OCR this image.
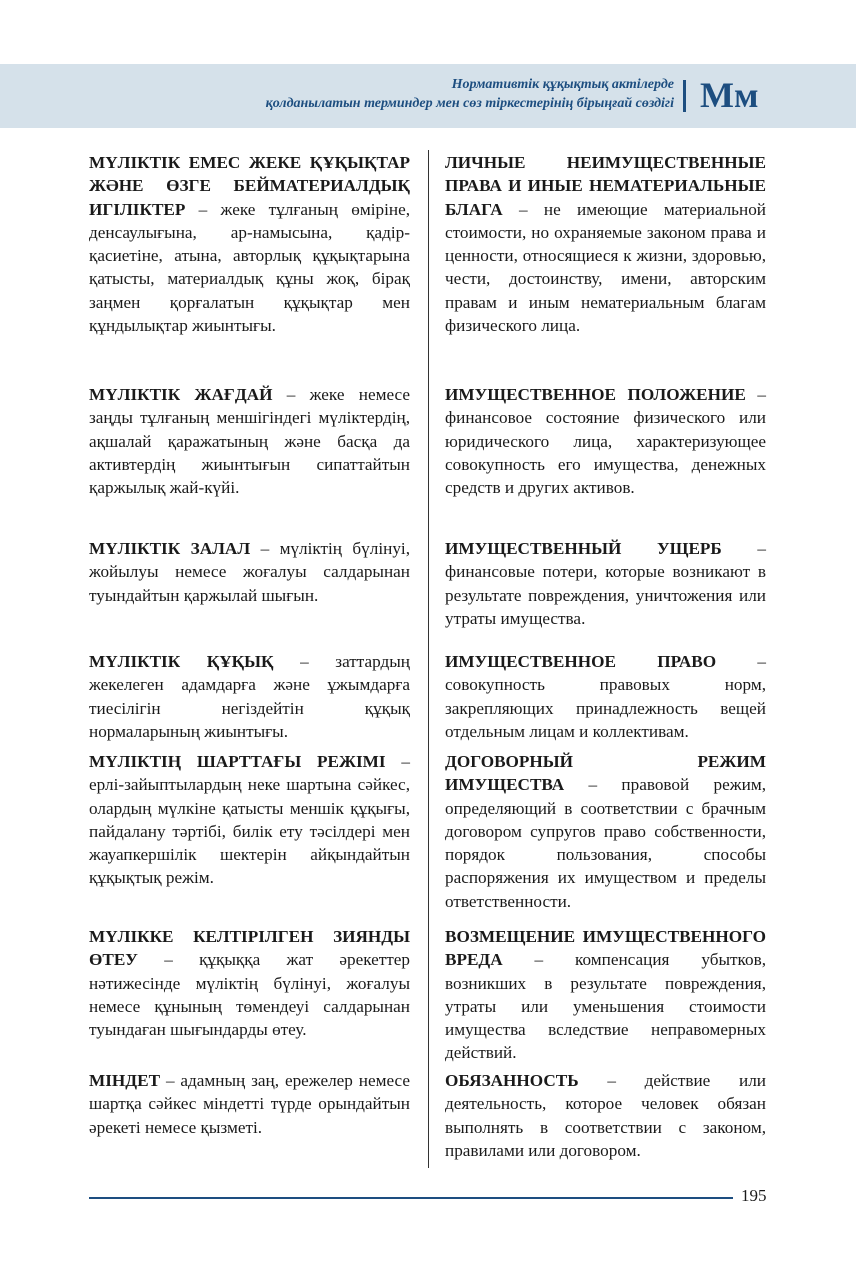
Нормативтік құқықтық актілерде
қолданылатын терминдер мен сөз тіркестерінің бірыңғай сөздігі Мм
МҮЛІКТІК ЕМЕС ЖЕКЕ ҚҰҚЫҚТАР ЖӘНЕ ӨЗГЕ БЕЙМАТЕРИАЛДЫҚ ИГІЛІКТЕР – жеке тұлғаның өміріне, денсаулығына, ар-намысына, қадір-қасиетіне, атына, авторлық құқықтарына қатысты, материалдық құны жоқ, бірақ заңмен қорғалатын құқықтар мен құндылықтар жиынтығы.
МҮЛІКТІК ЖАҒДАЙ – жеке немесе заңды тұлғаның меншігіндегі мүліктердің, ақшалай қаражатының және басқа да активтердің жиынтығын сипаттайтын қаржылық жай-күйі.
МҮЛІКТІК ЗАЛАЛ – мүліктің бүлінуі, жойылуы немесе жоғалуы салдарынан туындайтын қаржылай шығын.
МҮЛІКТІК ҚҰҚЫҚ – заттардың жекелеген адамдарға және ұжымдарға тиесілігін негіздейтін құқық нормаларының жиынтығы.
МҮЛІКТІҢ ШАРТТАҒЫ РЕЖІМІ – ерлі-зайыптылардың неке шартына сәйкес, олардың мүлкіне қатысты меншік құқығы, пайдалану тәртібі, билік ету тәсілдері мен жауапкершілік шектерін айқындайтын құқықтық режім.
МҮЛІККЕ КЕЛТІРІЛГЕН ЗИЯНДЫ ӨТЕУ – құқыққа жат әрекеттер нәтижесінде мүліктің бүлінуі, жоғалуы немесе құнының төмендеуі салдарынан туындаған шығындарды өтеу.
МІНДЕТ – адамның заң, ережелер немесе шартқа сәйкес міндетті түрде орындайтын әрекеті немесе қызметі.
ЛИЧНЫЕ НЕИМУЩЕСТВЕННЫЕ ПРАВА И ИНЫЕ НЕМАТЕРИАЛЬНЫЕ БЛАГА – не имеющие материальной стоимости, но охраняемые законом права и ценности, относящиеся к жизни, здоровью, чести, достоинству, имени, авторским правам и иным нематериальным благам физического лица.
ИМУЩЕСТВЕННОЕ ПОЛОЖЕНИЕ – финансовое состояние физического или юридического лица, характеризующее совокупность его имущества, денежных средств и других активов.
ИМУЩЕСТВЕННЫЙ УЩЕРБ – финансовые потери, которые возникают в результате повреждения, уничтожения или утраты имущества.
ИМУЩЕСТВЕННОЕ ПРАВО – совокупность правовых норм, закрепляющих принадлежность вещей отдельным лицам и коллективам.
ДОГОВОРНЫЙ РЕЖИМ ИМУЩЕСТВА – правовой режим, определяющий в соответствии с брачным договором супругов право собственности, порядок пользования, способы распоряжения их имуществом и пределы ответственности.
ВОЗМЕЩЕНИЕ ИМУЩЕСТВЕННОГО ВРЕДА – компенсация убытков, возникших в результате повреждения, утраты или уменьшения стоимости имущества вследствие неправомерных действий.
ОБЯЗАННОСТЬ – действие или деятельность, которое человек обязан выполнять в соответствии с законом, правилами или договором.
195
